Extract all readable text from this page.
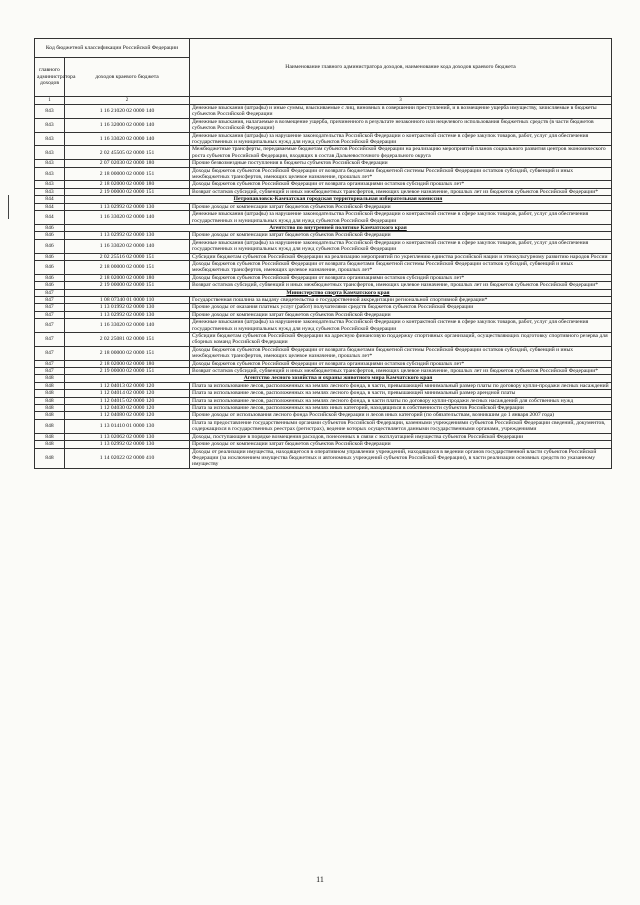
Код бюджетной классификации Российской Федерации		Наименование главного администратора доходов, наименование кода доходов краевого бюджета
главного администратора доходов	доходов краевого бюджета	
1	2	3
843	1 16 21020 02 0000 140	Денежные взыскания (штрафы) и иные суммы, взыскиваемые с лиц, виновных в совершении преступлений, и в возмещение ущерба имуществу, зачисляемые в бюджеты субъектов Российской Федерации
843	1 16 32000 02 0000 140	Денежные взыскания, налагаемые в возмещение ущерба, причиненного в результате незаконного или нецелевого использования бюджетных средств (в части бюджетов субъектов Российской Федерации)
843	1 16 33020 02 0000 140	Денежные взыскания (штрафы) за нарушение законодательства Российской Федерации о контрактной системе в сфере закупок товаров, работ, услуг для обеспечения государственных и муниципальных нужд для нужд субъектов Российской Федерации
843	2 02 45505 02 0000 151	Межбюджетные трансферты, передаваемые бюджетам субъектов Российской Федерации на реализацию мероприятий планов социального развития центров экономического роста субъектов Российской Федерации, входящих в состав Дальневосточного федерального округа
843	2 07 02030 02 0000 180	Прочие безвозмездные поступления в бюджеты субъектов Российской Федерации
843	2 18 00000 02 0000 151	Доходы бюджетов субъектов Российской Федерации от возврата бюджетами бюджетной системы Российской Федерации остатков субсидий, субвенций и иных межбюджетных трансфертов, имеющих целевое назначение, прошлых лет*
843	2 18 02000 02 0000 180	Доходы бюджетов субъектов Российской Федерации от возврата организациями остатков субсидий прошлых лет*
843	2 19 00000 02 0000 151	Возврат остатков субсидий, субвенций и иных межбюджетных трансфертов, имеющих целевое назначение, прошлых лет из бюджетов субъектов Российской Федерации*
844	Петропавловск-Камчатская городская территориальная избирательная комиссия	
844	1 13 02992 02 0000 130	Прочие доходы от компенсации затрат бюджетов субъектов Российской Федерации
844	1 16 33020 02 0000 140	Денежные взыскания (штрафы) за нарушение законодательства Российской Федерации о контрактной системе в сфере закупок товаров, работ, услуг для обеспечения государственных и муниципальных нужд для нужд субъектов Российской Федерации
846	Агентство по внутренней политике Камчатского края	
846	1 13 02992 02 0000 130	Прочие доходы от компенсации затрат бюджетов субъектов Российской Федерации
846	1 16 33020 02 0000 140	Денежные взыскания (штрафы) за нарушение законодательства Российской Федерации о контрактной системе в сфере закупок товаров, работ, услуг для обеспечения государственных и муниципальных нужд для нужд субъектов Российской Федерации
846	2 02 25516 02 0000 151	Субсидии бюджетам субъектов Российской Федерации на реализацию мероприятий по укреплению единства российской нации и этнокультурному развитию народов России
846	2 18 00000 02 0000 151	Доходы бюджетов субъектов Российской Федерации от возврата бюджетами бюджетной системы Российской Федерации остатков субсидий, субвенций и иных межбюджетных трансфертов, имеющих целевое назначение, прошлых лет*
846	2 18 02000 02 0000 180	Доходы бюджетов субъектов Российской Федерации от возврата организациями остатков субсидий прошлых лет*
846	2 19 00000 02 0000 151	Возврат остатков субсидий, субвенций и иных межбюджетных трансфертов, имеющих целевое назначение, прошлых лет из бюджетов субъектов Российской Федерации*
847	Министерство спорта Камчатского края	
847	1 08 07340 01 0000 110	Государственная пошлина за выдачу свидетельства о государственной аккредитации региональной спортивной федерации*
847	1 13 01992 02 0000 130	Прочие доходы от оказания платных услуг (работ) получателями средств бюджетов субъектов Российской Федерации
847	1 13 02992 02 0000 130	Прочие доходы от компенсации затрат бюджетов субъектов Российской Федерации
847	1 16 33020 02 0000 140	Денежные взыскания (штрафы) за нарушение законодательства Российской Федерации о контрактной системе в сфере закупок товаров, работ, услуг для обеспечения государственных и муниципальных нужд для нужд субъектов Российской Федерации
847	2 02 25081 02 0000 151	Субсидии бюджетам субъектов Российской Федерации на адресную финансовую поддержку спортивных организаций, осуществляющих подготовку спортивного резерва для сборных команд Российской Федерации
847	2 18 00000 02 0000 151	Доходы бюджетов субъектов Российской Федерации от возврата бюджетами бюджетной системы Российской Федерации остатков субсидий, субвенций и иных межбюджетных трансфертов, имеющих целевое назначение, прошлых лет*
847	2 18 02000 02 0000 180	Доходы бюджетов субъектов Российской Федерации от возврата организациями остатков субсидий прошлых лет*
847	2 19 00000 02 0000 151	Возврат остатков субсидий, субвенций и иных межбюджетных трансфертов, имеющих целевое назначение, прошлых лет из бюджетов субъектов Российской Федерации*
848	Агентство лесного хозяйства и охраны животного мира Камчатского края	
848	1 12 04013 02 0000 120	Плата за использование лесов, расположенных на землях лесного фонда, в части, превышающей минимальный размер платы по договору купли-продажи лесных насаждений
848	1 12 04014 02 0000 120	Плата за использование лесов, расположенных на землях лесного фонда, в части, превышающей минимальный размер арендной платы
848	1 12 04015 02 0000 120	Плата за использование лесов, расположенных на землях лесного фонда, в части платы по договору купли-продажи лесных насаждений для собственных нужд
848	1 12 04030 02 0000 120	Плата за использование лесов, расположенных на землях иных категорий, находящихся в собственности субъектов Российской Федерации
848	1 12 04080 02 0000 120	Прочие доходы от использования лесного фонда Российской Федерации и лесов иных категорий (по обязательствам, возникшим до 1 января 2007 года)
848	1 13 01410 01 0000 130	Плата за предоставление государственными органами субъектов Российской Федерации, казенными учреждениями субъектов Российской Федерации сведений, документов, содержащихся в государственных реестрах (регистрах), ведение которых осуществляется данными государственными органами, учреждениями
848	1 13 02062 02 0000 130	Доходы, поступающие в порядке возмещения расходов, понесенных в связи с эксплуатацией имущества субъектов Российской Федерации
848	1 13 02992 02 0000 130	Прочие доходы от компенсации затрат бюджетов субъектов Российской Федерации
848	1 14 02022 02 0000 410	Доходы от реализации имущества, находящегося в оперативном управлении учреждений, находящихся в ведении органов государственной власти субъектов Российской Федерации (за исключением имущества бюджетных и автономных учреждений субъектов Российской Федерации), в части реализации основных средств по указанному имуществу
11
